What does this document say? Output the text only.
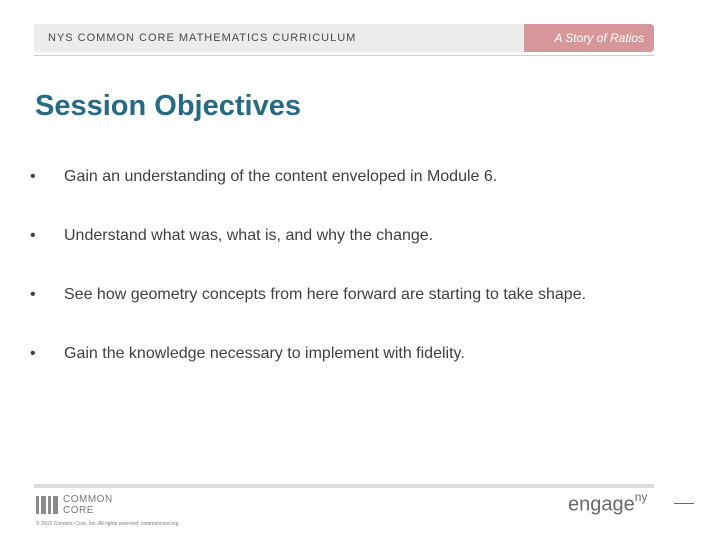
NYS COMMON CORE MATHEMATICS CURRICULUM	A Story of Ratios
Session Objectives
•	Gain an understanding of the content enveloped in Module 6.
•	Understand what was, what is, and why the change.
•	See how geometry concepts from here forward are starting to take shape.
•	Gain the knowledge necessary to implement with fidelity.
COMMON
CORE
© 2012 Common Core, Inc. All rights reserved. commoncore.org
engage$^{ny}$
